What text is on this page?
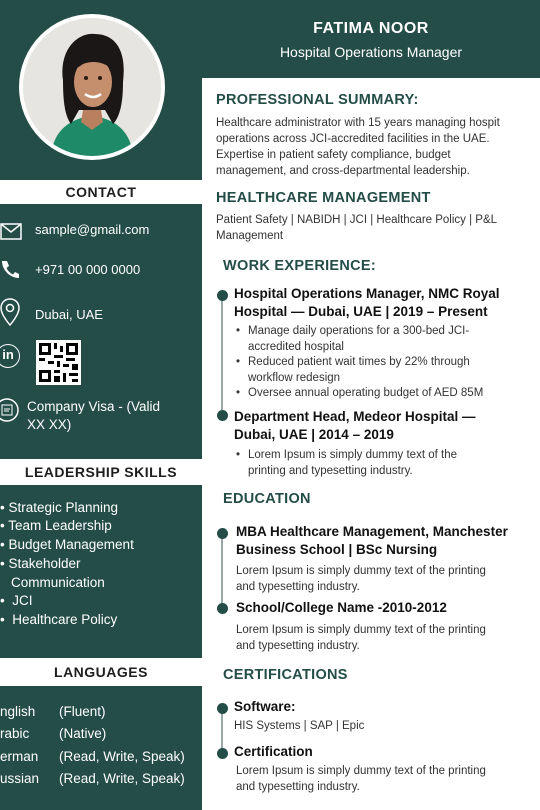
CONTACT
sample@gmail.com
+971 00 000 0000
Dubai, UAE
in
Company Visa - (Valid
XX XX)
LEADERSHIP SKILLS
• Strategic Planning
• Team Leadership
• Budget Management
• Stakeholder
Communication
•  JCI
•  Healthcare Policy
LANGUAGES
nglish (Fluent)
rabic (Native)
erman (Read, Write, Speak)
ussian (Read, Write, Speak)
FATIMA NOOR
Hospital Operations Manager
PROFESSIONAL SUMMARY:
Healthcare administrator with 15 years managing hospit
operations across JCI-accredited facilities in the UAE.
Expertise in patient safety compliance, budget
management, and cross-departmental leadership.
HEALTHCARE MANAGEMENT
Patient Safety | NABIDH | JCI | Healthcare Policy | P&L
Management
WORK EXPERIENCE:
Hospital Operations Manager, NMC Royal
Hospital — Dubai, UAE | 2019 – Present
• Manage daily operations for a 300-bed JCI-
accredited hospital
• Reduced patient wait times by 22% through
workflow redesign
• Oversee annual operating budget of AED 85M
Department Head, Medeor Hospital —
Dubai, UAE | 2014 – 2019
• Lorem Ipsum is simply dummy text of the
printing and typesetting industry.
EDUCATION
MBA Healthcare Management, Manchester
Business School | BSc Nursing
Lorem Ipsum is simply dummy text of the printing
and typesetting industry.
School/College Name -2010-2012
Lorem Ipsum is simply dummy text of the printing
and typesetting industry.
CERTIFICATIONS
Software:
HIS Systems | SAP | Epic
Certification
Lorem Ipsum is simply dummy text of the printing
and typesetting industry.
